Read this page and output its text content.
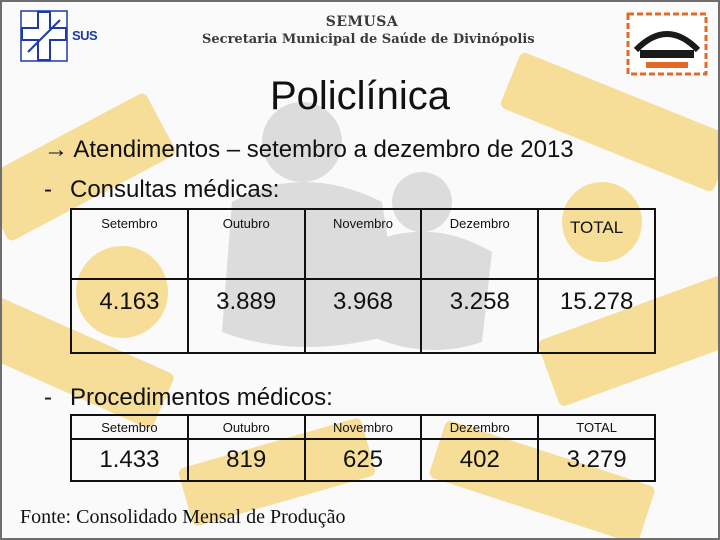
SUS
SEMUSA
Secretaria Municipal de Saúde de Divinópolis
Policlínica
→ Atendimentos – setembro a dezembro de 2013
- Consultas médicas:
Setembro	Outubro	Novembro	Dezembro	TOTAL
4.163	3.889	3.968	3.258	15.278
- Procedimentos médicos:
Setembro	Outubro	Novembro	Dezembro	TOTAL
1.433	819	625	402	3.279
Fonte: Consolidado Mensal de Produção
